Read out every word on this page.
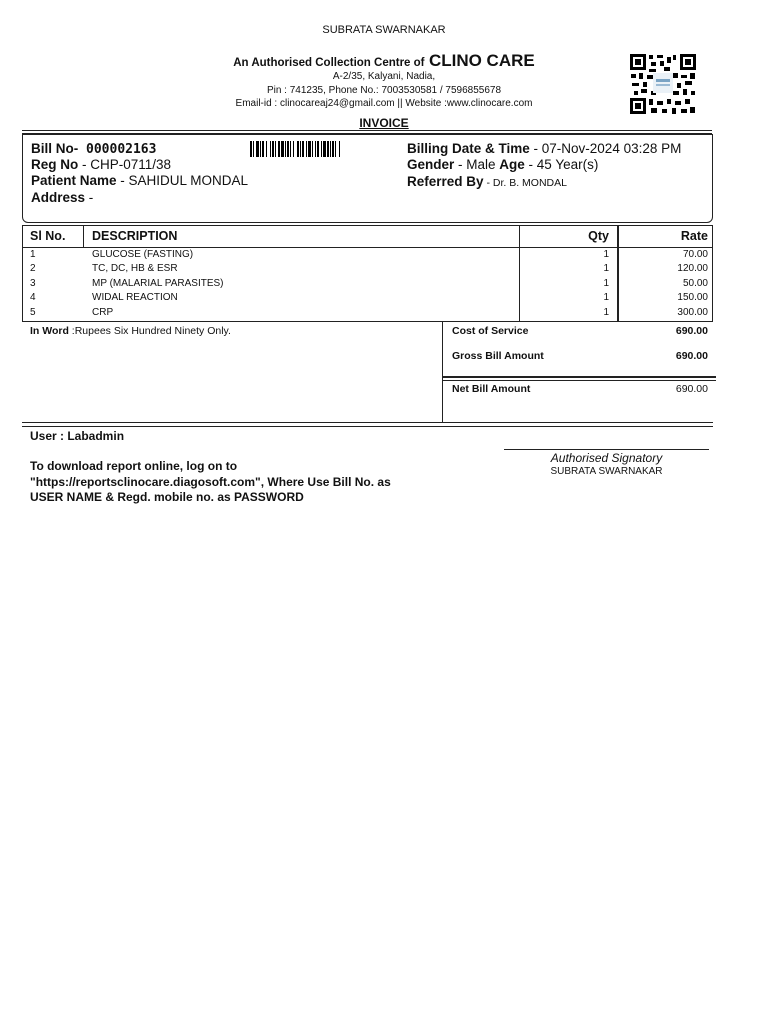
SUBRATA SWARNAKAR
An Authorised Collection Centre of CLINO CARE
A-2/35, Kalyani, Nadia,
Pin : 741235, Phone No.: 7003530581 / 7596855678
Email-id : clinocareaj24@gmail.com || Website :www.clinocare.com
INVOICE
Bill No- 000002163
Reg No - CHP-0711/38
Patient Name - SAHIDUL MONDAL
Address -
Billing Date & Time - 07-Nov-2024 03:28 PM
Gender - Male Age - 45 Year(s)
Referred By - Dr. B. MONDAL
Sl No. DESCRIPTION	Qty	Rate
1	GLUCOSE (FASTING)	1	70.00
2	TC, DC, HB & ESR	1	120.00
3	MP (MALARIAL PARASITES)	1	50.00
4	WIDAL REACTION	1	150.00
5	CRP	1	300.00
In Word :Rupees Six Hundred Ninety Only.	Cost of Service	690.00
Gross Bill Amount	690.00
Net Bill Amount	690.00
User : Labadmin
To download report online, log on to
"https://reportsclinocare.diagosoft.com", Where Use Bill No. as
USER NAME & Regd. mobile no. as PASSWORD
Authorised Signatory
SUBRATA SWARNAKAR
